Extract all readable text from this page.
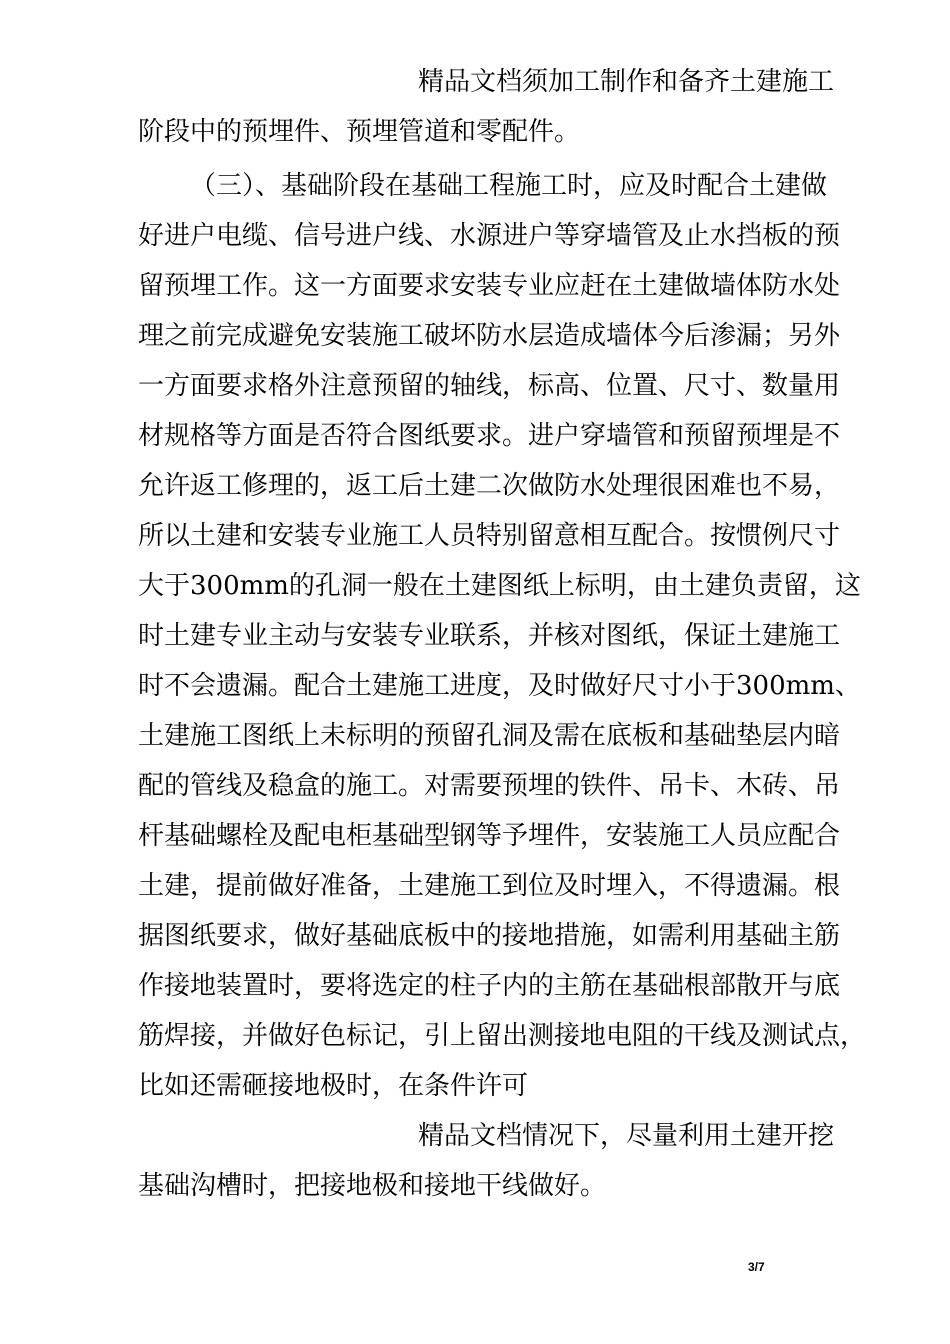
精品文档须加工制作和备齐土建施工
阶段中的预埋件、预埋管道和零配件。
（三）、基础阶段在基础工程施工时，应及时配合土建做
好进户电缆、信号进户线、水源进户等穿墙管及止水挡板的预
留预埋工作。这一方面要求安装专业应赶在土建做墙体防水处
理之前完成避免安装施工破坏防水层造成墙体今后渗漏；另外
一方面要求格外注意预留的轴线，标高、位置、尺寸、数量用
材规格等方面是否符合图纸要求。进户穿墙管和预留预埋是不
允许返工修理的，返工后土建二次做防水处理很困难也不易，
所以土建和安装专业施工人员特别留意相互配合。按惯例尺寸
大于300mm的孔洞一般在土建图纸上标明，由土建负责留，这
时土建专业主动与安装专业联系，并核对图纸，保证土建施工
时不会遗漏。配合土建施工进度，及时做好尺寸小于300mm、
土建施工图纸上未标明的预留孔洞及需在底板和基础垫层内暗
配的管线及稳盒的施工。对需要预埋的铁件、吊卡、木砖、吊
杆基础螺栓及配电柜基础型钢等予埋件，安装施工人员应配合
土建，提前做好准备，土建施工到位及时埋入，不得遗漏。根
据图纸要求，做好基础底板中的接地措施，如需利用基础主筋
作接地装置时，要将选定的柱子内的主筋在基础根部散开与底
筋焊接，并做好色标记，引上留出测接地电阻的干线及测试点，
比如还需砸接地极时，在条件许可
精品文档情况下，尽量利用土建开挖
基础沟槽时，把接地极和接地干线做好。
3/7
